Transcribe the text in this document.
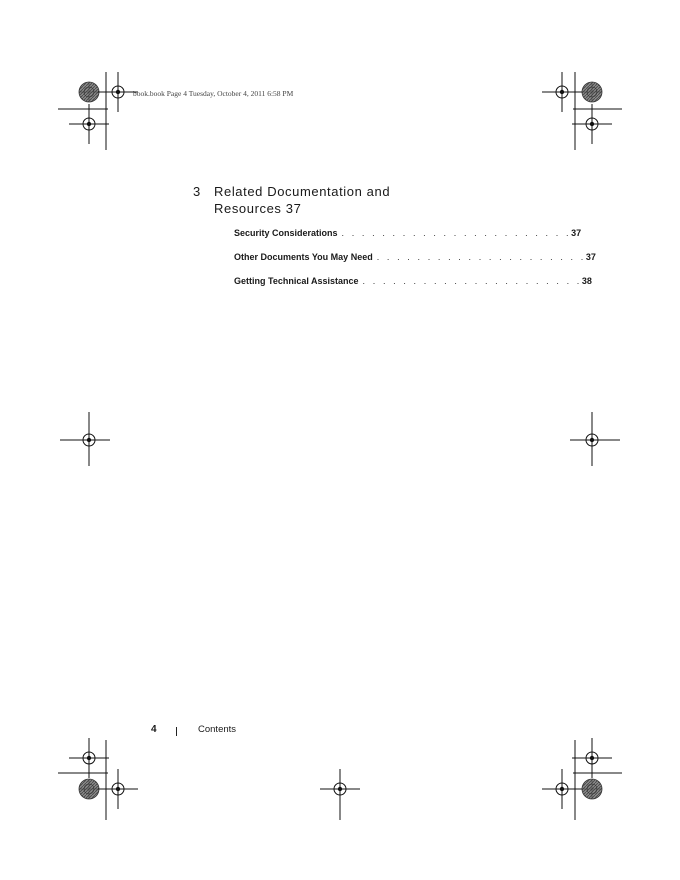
book.book Page 4 Tuesday, October 4, 2011 6:58 PM
3	Related Documentation and
Resources 37
Security Considerations . . . . . . . . . . . . . . . . . . . . . . . 37
Other Documents You May Need . . . . . . . . . . . . . . . . . . . . . 37
Getting Technical Assistance . . . . . . . . . . . . . . . . . . . . . . 38
4	Contents
